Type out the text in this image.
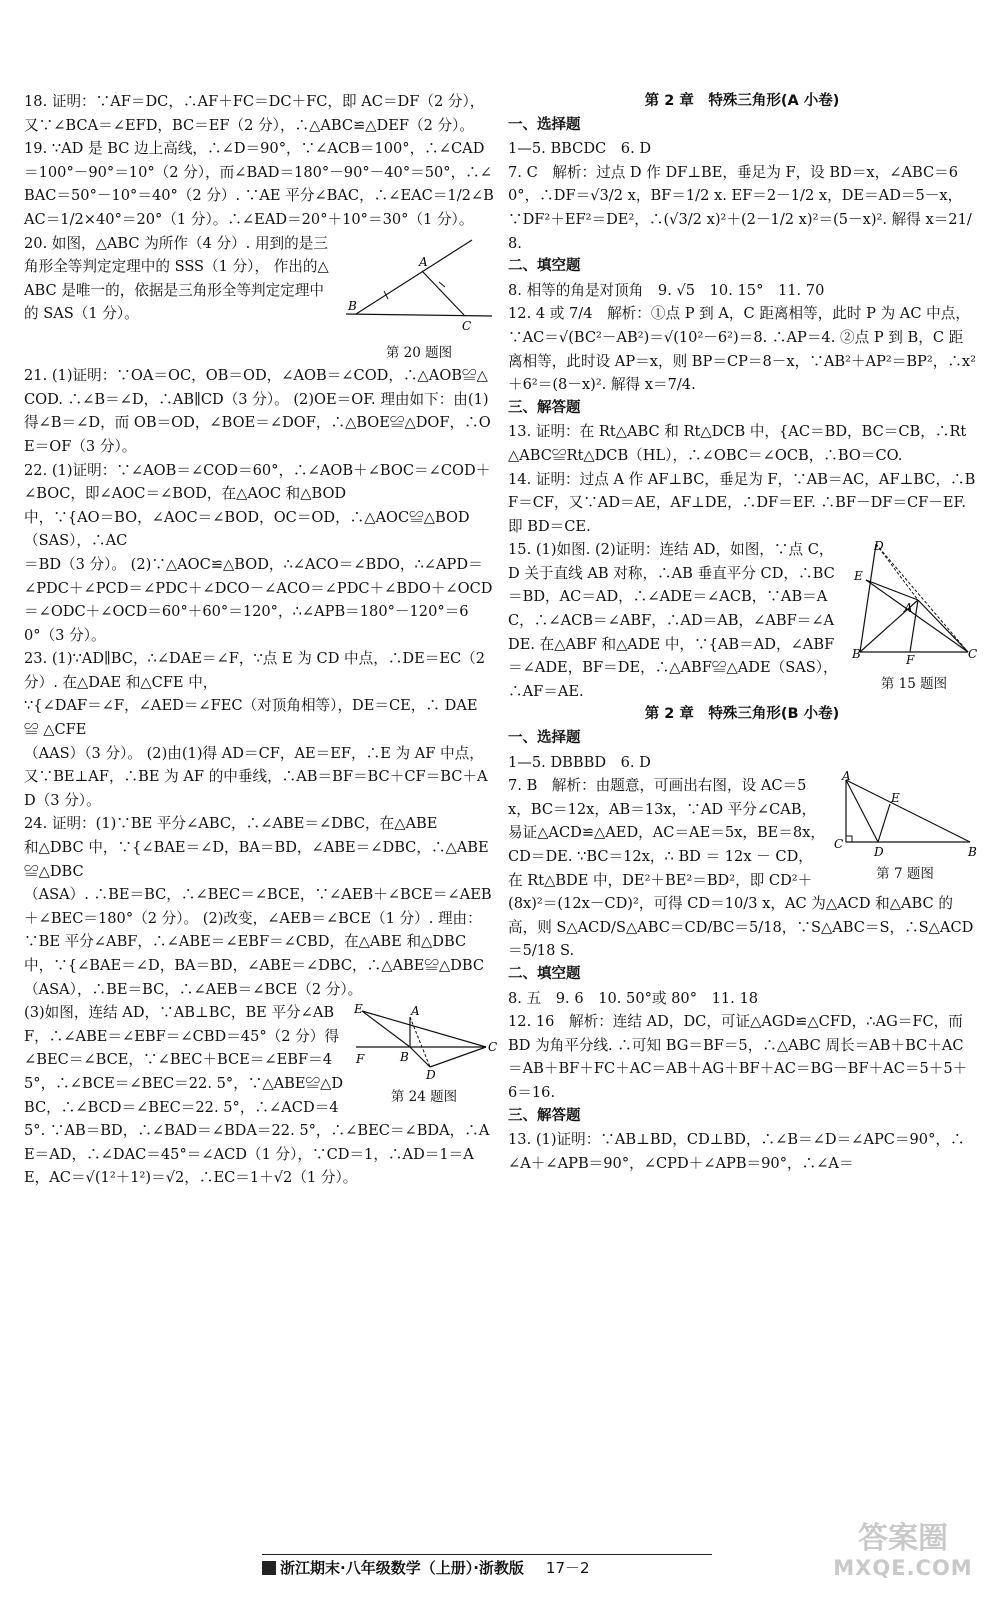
18. 证明：∵AF＝DC，∴AF＋FC＝DC＋FC，即 AC＝DF（2 分），又∵∠BCA＝∠EFD，BC＝EF（2 分），∴△ABC≌△DEF（2 分）。

19. ∵AD 是 BC 边上高线，∴∠D＝90°，∵∠ACB＝100°，∴∠CAD＝100°－90°＝10°（2 分），而∠BAD＝180°－90°－40°＝50°，∴∠BAC＝50°－10°＝40°（2 分）. ∵AE 平分∠BAC，∴∠EAC＝1/2∠BAC＝1/2×40°＝20°（1 分）。∴∠EAD＝20°＋10°＝30°（1 分）。

B
A
C
第 20 题图

20. 如图，△ABC 为所作（4 分）. 用到的是三角形全等判定定理中的 SSS（1 分）， 作出的△ABC 是唯一的，依据是三角形全等判定定理中的 SAS（1 分）。

21. (1)证明：∵OA＝OC，OB＝OD，∠AOB＝∠COD，∴△AOB≌△COD. ∴∠B＝∠D，∴AB∥CD（3 分）。 (2)OE＝OF. 理由如下：由(1)得∠B＝∠D，而 OB＝OD，∠BOE＝∠DOF，∴△BOE≌△DOF，∴OE＝OF（3 分）。

22. (1)证明：∵∠AOB＝∠COD＝60°，∴∠AOB＋∠BOC＝∠COD＋∠BOC，即∠AOC＝∠BOD，在△AOC 和△BOD

中，∵{AO＝BO，∠AOC＝∠BOD，OC＝OD，∴△AOC≌△BOD（SAS），∴AC

＝BD（3 分）。 (2)∵△AOC≌△BOD，∴∠ACO＝∠BDO，∴∠APD＝∠PDC＋∠PCD＝∠PDC＋∠DCO－∠ACO＝∠PDC＋∠BDO＋∠OCD＝∠ODC＋∠OCD＝60°＋60°＝120°，∴∠APB＝180°－120°＝60°（3 分）。

23. (1)∵AD∥BC，∴∠DAE＝∠F，∵点 E 为 CD 中点，∴DE＝EC（2 分）. 在△DAE 和△CFE 中，

∵{∠DAF＝∠F，∠AED＝∠FEC（对顶角相等），DE＝CE，∴ DAE ≌ △CFE

（AAS）（3 分）。 (2)由(1)得 AD＝CF，AE＝EF，∴E 为 AF 中点，又∵BE⊥AF，∴BE 为 AF 的中垂线，∴AB＝BF＝BC＋CF＝BC＋AD（3 分）。

24. 证明：(1)∵BE 平分∠ABC，∴∠ABE＝∠DBC，在△ABE

和△DBC 中，∵{∠BAE＝∠D，BA＝BD，∠ABE＝∠DBC，∴△ABE≌△DBC

（ASA）. ∴BE＝BC，∴∠BEC＝∠BCE，∵∠AEB＋∠BCE＝∠AEB＋∠BEC＝180°（2 分）。 (2)改变，∠AEB＝∠BCE（1 分）. 理由：∵BE 平分∠ABF，∴∠ABE＝∠EBF＝∠CBD，在△ABE 和△DBC 中，∵{∠BAE＝∠D，BA＝BD，∠ABE＝∠DBC，∴△ABE≌△DBC（ASA），∴BE＝BC，∴∠AEB＝∠BCE（2 分）。

E	A
C
F	B
D
第 24 题图

(3)如图，连结 AD，∵AB⊥BC，BE 平分∠ABF，∴∠ABE＝∠EBF＝∠CBD＝45°（2 分）得∠BEC＝∠BCE，∵∠BEC＋BCE＝∠EBF＝45°，∴∠BCE＝∠BEC＝22. 5°，∵△ABE≌△DBC，∴∠BCD＝∠BEC＝22. 5°，∴∠ACD＝45°. ∵AB＝BD，∴∠BAD＝∠BDA＝22. 5°，∴∠BEC＝∠BDA，∴AE＝AD，∴∠DAC＝45°＝∠ACD（1 分），∵CD＝1，∴AD＝1＝AE，AC＝√(1²＋1²)＝√2，∴EC＝1＋√2（1 分）。

第 2 章　特殊三角形(A 小卷)

一、选择题

1—5. BBCDC　6. D

7. C　解析：过点 D 作 DF⊥BE，垂足为 F，设 BD＝x，∠ABC＝60°，∴DF＝√3/2 x，BF＝1/2 x. EF＝2－1/2 x，DE＝AD＝5－x，∵DF²＋EF²＝DE²，∴(√3/2 x)²＋(2－1/2 x)²＝(5－x)². 解得 x＝21/8.

二、填空题

8. 相等的角是对顶角　9. √5　10. 15°　11. 70

12. 4 或 7/4　解析：①点 P 到 A，C 距离相等，此时 P 为 AC 中点，∵AC＝√(BC²－AB²)＝√(10²－6²)＝8. ∴AP＝4. ②点 P 到 B，C 距离相等，此时设 AP＝x，则 BP＝CP＝8－x，∵AB²＋AP²＝BP²，∴x²＋6²＝(8－x)². 解得 x＝7/4.

三、解答题

13. 证明：在 Rt△ABC 和 Rt△DCB 中，{AC＝BD，BC＝CB，∴Rt△ABC≌Rt△DCB（HL），∴∠OBC＝∠OCB，∴BO＝CO.

14. 证明：过点 A 作 AF⊥BC，垂足为 F，∵AB＝AC，AF⊥BC，∴BF＝CF，又∵AD＝AE，AF⊥DE，∴DF＝EF. ∴BF－DF＝CF－EF. 即 BD＝CE.

D
E
A
B	C
F
第 15 题图

15. (1)如图. (2)证明：连结 AD，如图，∵点 C，D 关于直线 AB 对称，∴AB 垂直平分 CD，∴BC＝BD，AC＝AD，∴∠ADE＝∠ACB，∵AB＝AC，∴∠ACB＝∠ABF，∴AD＝AB，∠ABF＝∠ADE. 在△ABF 和△ADE 中，∵{AB＝AD，∠ABF＝∠ADE，BF＝DE，∴△ABF≌△ADE（SAS），∴AF＝AE.

第 2 章　特殊三角形(B 小卷)

一、选择题

1—5. DBBBD　6. D

A
E
C
D	B
第 7 题图

7. B　解析：由题意，可画出右图，设 AC＝5x，BC＝12x，AB＝13x，∵AD 平分∠CAB，易证△ACD≌△AED，AC＝AE＝5x，BE＝8x，CD＝DE. ∵BC＝12x，∴ BD ＝ 12x － CD，在 Rt△BDE 中，DE²＋BE²＝BD²，即 CD²＋(8x)²＝(12x－CD)²，可得 CD＝10/3 x，AC 为△ACD 和△ABC 的高，则 S△ACD/S△ABC＝CD/BC＝5/18，∵S△ABC＝S，∴S△ACD＝5/18 S.

二、填空题

8. 五　9. 6　10. 50°或 80°　11. 18

12. 16　解析：连结 AD，DC，可证△AGD≌△CFD，∴AG＝FC，而 BD 为角平分线. ∴可知 BG＝BF＝5，∴△ABC 周长＝AB＋BC＋AC＝AB＋BF＋FC＋AC＝AB＋AG＋BF＋AC＝BG－BF＋AC＝5＋5＋6＝16.

三、解答题

13. (1)证明：∵AB⊥BD，CD⊥BD，∴∠B＝∠D＝∠APC＝90°，∴∠A＋∠APB＝90°，∠CPD＋∠APB＝90°，∴∠A＝

浙江期末·八年级数学（上册）·浙教版 17－2
答案圈
MXQE.COM
